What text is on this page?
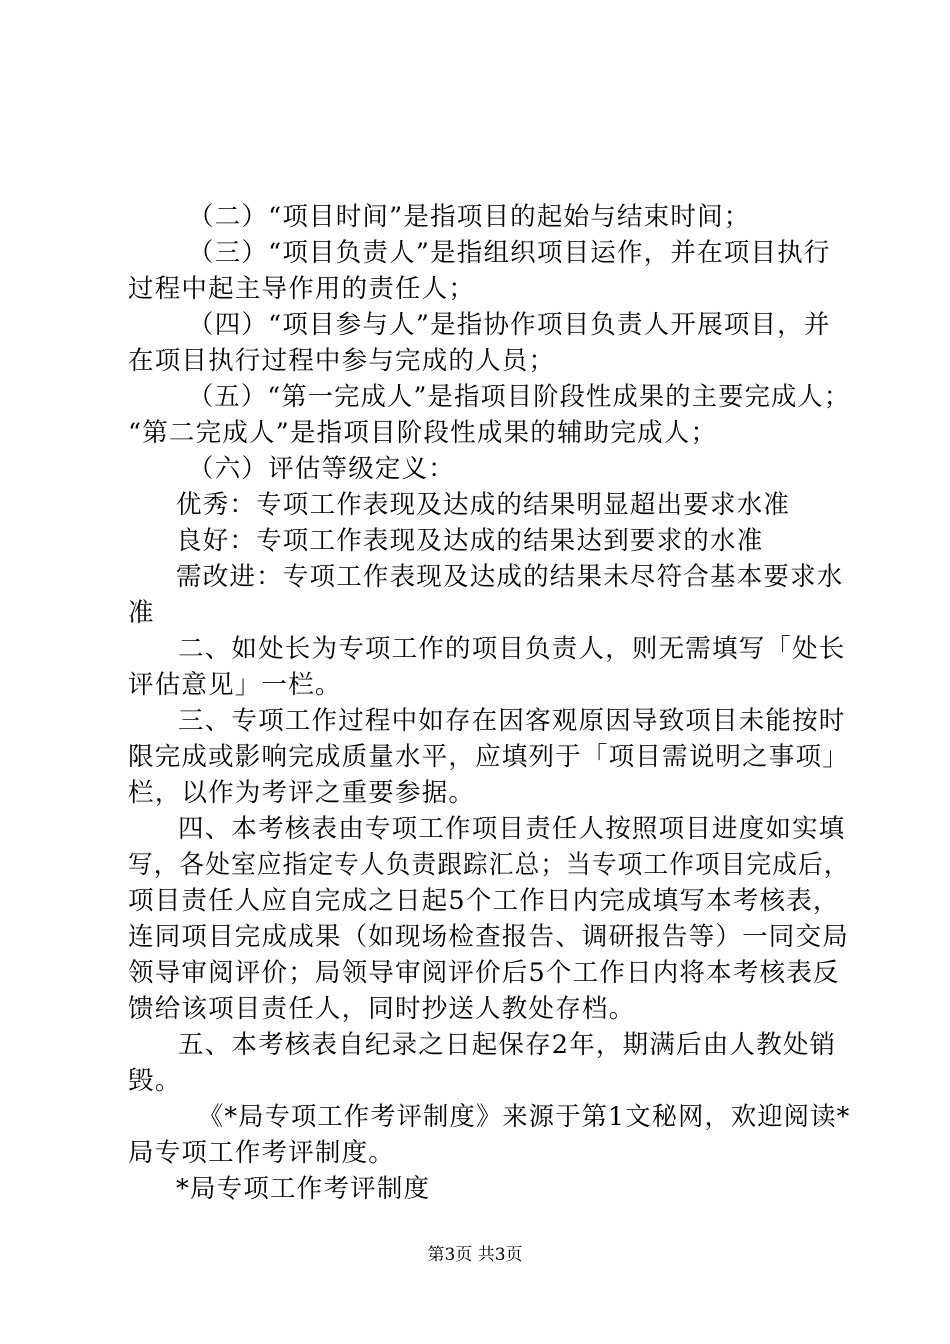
（二）“项目时间”是指项目的起始与结束时间；
（三）“项目负责人”是指组织项目运作，并在项目执行
过程中起主导作用的责任人；
（四）“项目参与人”是指协作项目负责人开展项目，并
在项目执行过程中参与完成的人员；
（五）“第一完成人”是指项目阶段性成果的主要完成人；
“第二完成人”是指项目阶段性成果的辅助完成人；
（六）评估等级定义：
优秀：专项工作表现及达成的结果明显超出要求水准
良好：专项工作表现及达成的结果达到要求的水准
需改进：专项工作表现及达成的结果未尽符合基本要求水
准
二、如处长为专项工作的项目负责人，则无需填写「处长
评估意见」一栏。
三、专项工作过程中如存在因客观原因导致项目未能按时
限完成或影响完成质量水平，应填列于「项目需说明之事项」
栏，以作为考评之重要参据。
四、本考核表由专项工作项目责任人按照项目进度如实填
写，各处室应指定专人负责跟踪汇总；当专项工作项目完成后，
项目责任人应自完成之日起5个工作日内完成填写本考核表，
连同项目完成成果（如现场检查报告、调研报告等）一同交局
领导审阅评价；局领导审阅评价后5个工作日内将本考核表反
馈给该项目责任人，同时抄送人教处存档。
五、本考核表自纪录之日起保存2年，期满后由人教处销
毁。
《*局专项工作考评制度》来源于第1文秘网，欢迎阅读*
局专项工作考评制度。
*局专项工作考评制度
第3页 共3页
